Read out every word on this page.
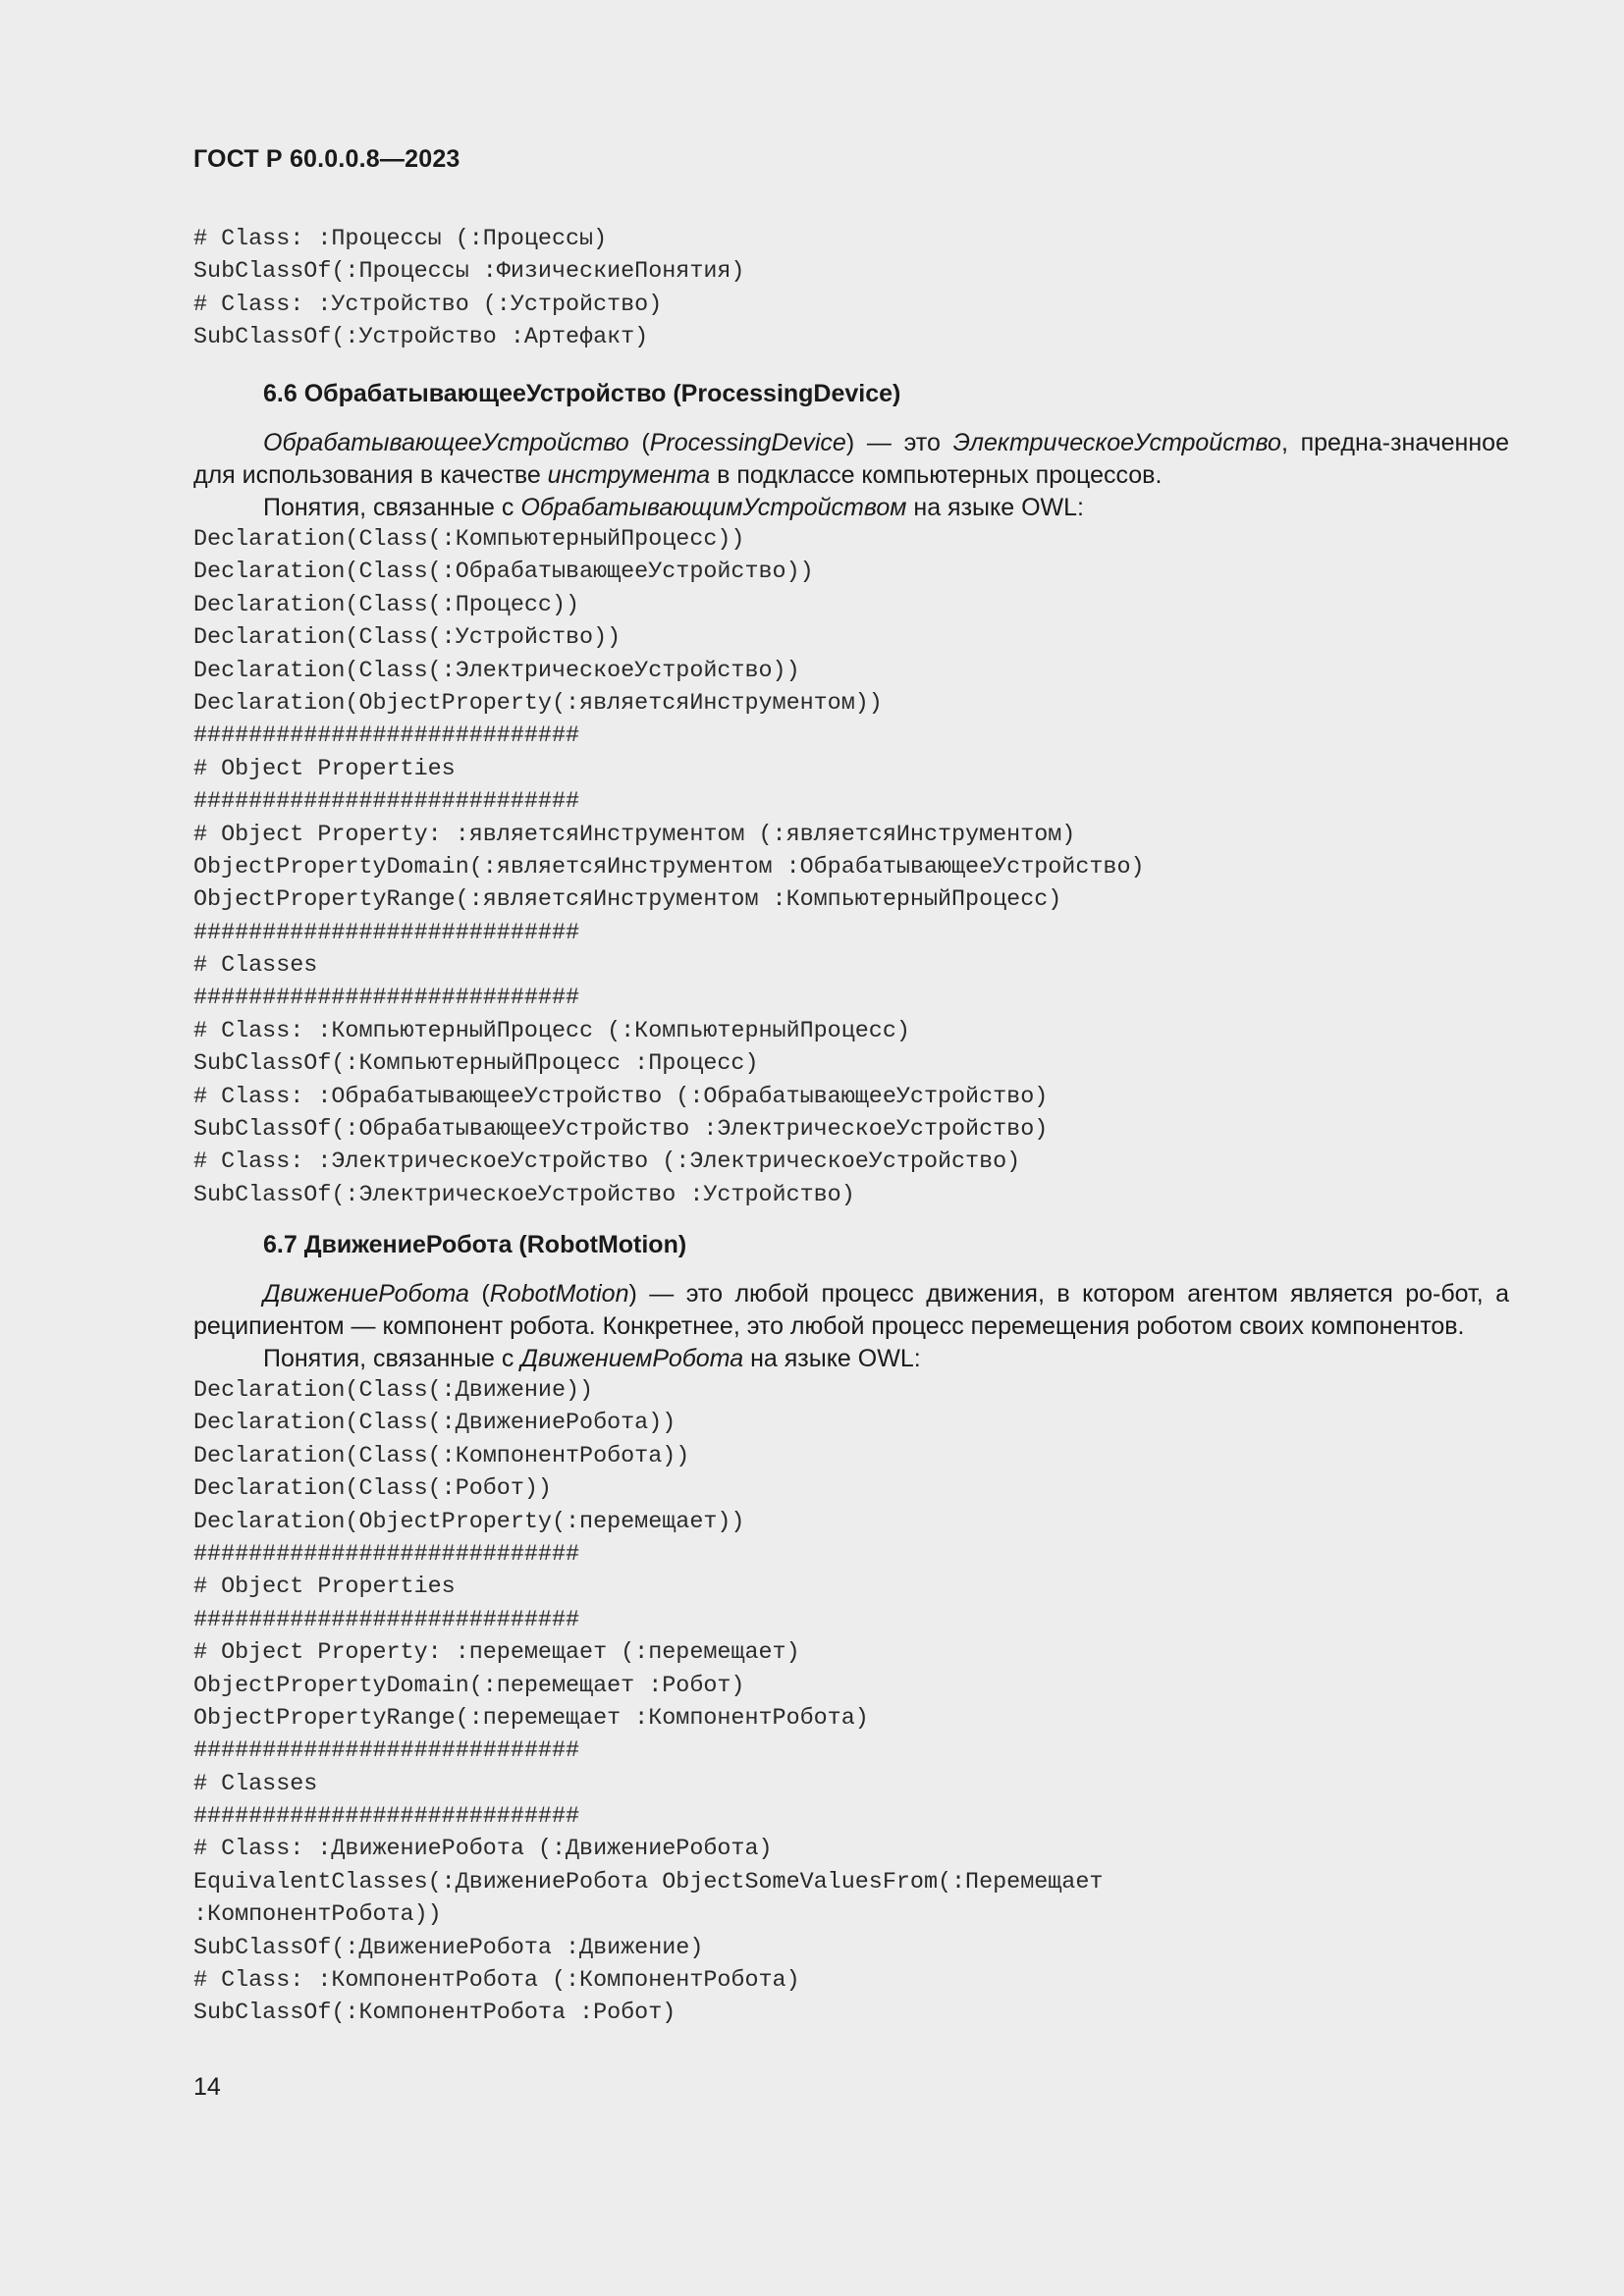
ГОСТ Р 60.0.0.8—2023
# Class: :Процессы (:Процессы)
SubClassOf(:Процессы :ФизическиеПонятия)
# Class: :Устройство (:Устройство)
SubClassOf(:Устройство :Артефакт)

6.6 ОбрабатывающееУстройство (ProcessingDevice)

ОбрабатывающееУстройство (ProcessingDevice) — это ЭлектрическоеУстройство, предна-значенное для использования в качестве инструмента в подклассе компьютерных процессов.

Понятия, связанные с ОбрабатывающимУстройством на языке OWL:

Declaration(Class(:КомпьютерныйПроцесс))
Declaration(Class(:ОбрабатывающееУстройство))
Declaration(Class(:Процесс))
Declaration(Class(:Устройство))
Declaration(Class(:ЭлектрическоеУстройство))
Declaration(ObjectProperty(:являетсяИнструментом))
############################
# Object Properties
############################
# Object Property: :являетсяИнструментом (:являетсяИнструментом)
ObjectPropertyDomain(:являетсяИнструментом :ОбрабатывающееУстройство)
ObjectPropertyRange(:являетсяИнструментом :КомпьютерныйПроцесс)
############################
# Classes
############################
# Class: :КомпьютерныйПроцесс (:КомпьютерныйПроцесс)
SubClassOf(:КомпьютерныйПроцесс :Процесс)
# Class: :ОбрабатывающееУстройство (:ОбрабатывающееУстройство)
SubClassOf(:ОбрабатывающееУстройство :ЭлектрическоеУстройство)
# Class: :ЭлектрическоеУстройство (:ЭлектрическоеУстройство)
SubClassOf(:ЭлектрическоеУстройство :Устройство)

6.7 ДвижениеРобота (RobotMotion)

ДвижениеРобота (RobotMotion) — это любой процесс движения, в котором агентом является ро-бот, а реципиентом — компонент робота. Конкретнее, это любой процесс перемещения роботом своих компонентов.

Понятия, связанные с ДвижениемРобота на языке OWL:

Declaration(Class(:Движение))
Declaration(Class(:ДвижениеРобота))
Declaration(Class(:КомпонентРобота))
Declaration(Class(:Робот))
Declaration(ObjectProperty(:перемещает))
############################
# Object Properties
############################
# Object Property: :перемещает (:перемещает)
ObjectPropertyDomain(:перемещает :Робот)
ObjectPropertyRange(:перемещает :КомпонентРобота)
############################
# Classes
############################
# Class: :ДвижениеРобота (:ДвижениеРобота)
EquivalentClasses(:ДвижениеРобота ObjectSomeValuesFrom(:Перемещает
:КомпонентРобота))
SubClassOf(:ДвижениеРобота :Движение)
# Class: :КомпонентРобота (:КомпонентРобота)
SubClassOf(:КомпонентРобота :Робот)
14
